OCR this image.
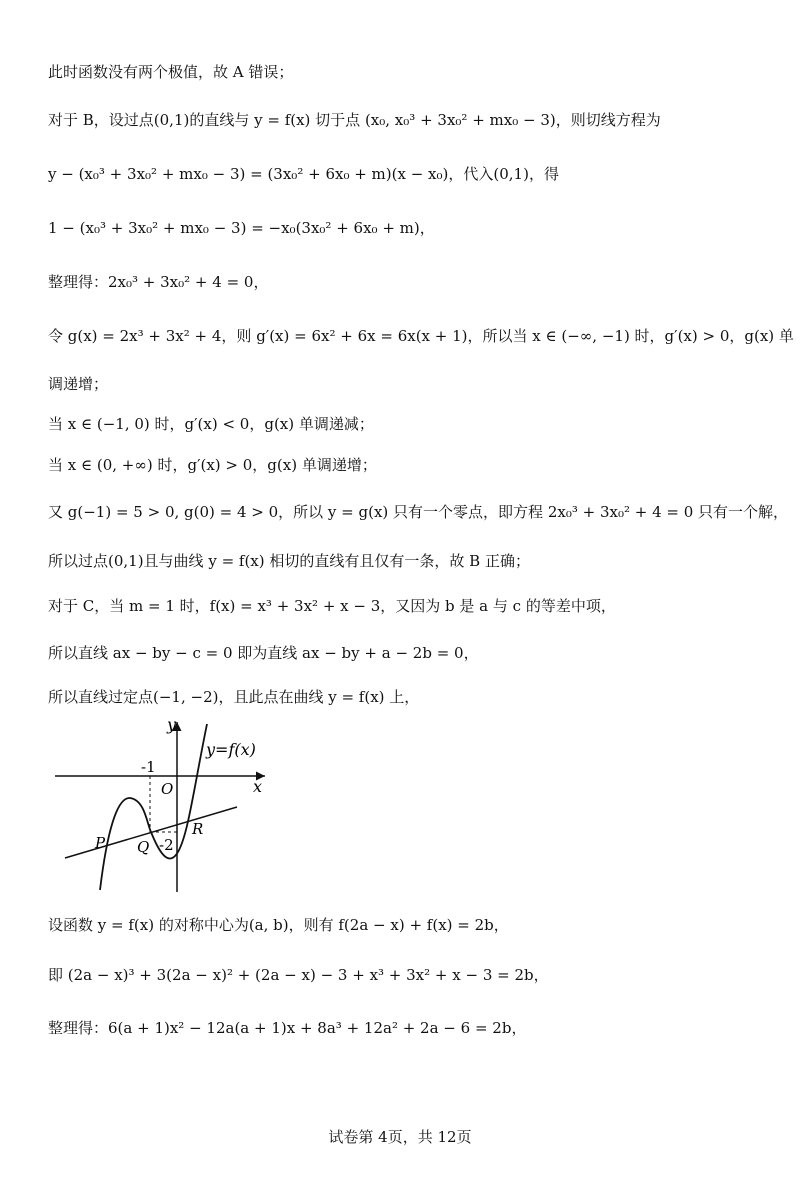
此时函数没有两个极值，故 A 错误；
对于 B，设过点(0,1)的直线与 y = f(x) 切于点 (x₀, x₀³ + 3x₀² + mx₀ − 3)，则切线方程为
y − (x₀³ + 3x₀² + mx₀ − 3) = (3x₀² + 6x₀ + m)(x − x₀)，代入(0,1)，得
1 − (x₀³ + 3x₀² + mx₀ − 3) = −x₀(3x₀² + 6x₀ + m)，
整理得：2x₀³ + 3x₀² + 4 = 0，
令 g(x) = 2x³ + 3x² + 4，则 g′(x) = 6x² + 6x = 6x(x + 1)，所以当 x ∈ (−∞, −1) 时，g′(x) > 0，g(x) 单
调递增；
当 x ∈ (−1, 0) 时，g′(x) < 0，g(x) 单调递减；
当 x ∈ (0, +∞) 时，g′(x) > 0，g(x) 单调递增；
又 g(−1) = 5 > 0, g(0) = 4 > 0，所以 y = g(x) 只有一个零点，即方程 2x₀³ + 3x₀² + 4 = 0 只有一个解，
所以过点(0,1)且与曲线 y = f(x) 相切的直线有且仅有一条，故 B 正确；
对于 C，当 m = 1 时，f(x) = x³ + 3x² + x − 3，又因为 b 是 a 与 c 的等差中项，
所以直线 ax − by − c = 0 即为直线 ax − by + a − 2b = 0，
所以直线过定点(−1, −2)，且此点在曲线 y = f(x) 上，
y
x
O
y=f(x)
-1
-2
P Q
R
设函数 y = f(x) 的对称中心为(a, b)，则有 f(2a − x) + f(x) = 2b，
即 (2a − x)³ + 3(2a − x)² + (2a − x) − 3 + x³ + 3x² + x − 3 = 2b，
整理得：6(a + 1)x² − 12a(a + 1)x + 8a³ + 12a² + 2a − 6 = 2b，
试卷第 4页，共 12页
